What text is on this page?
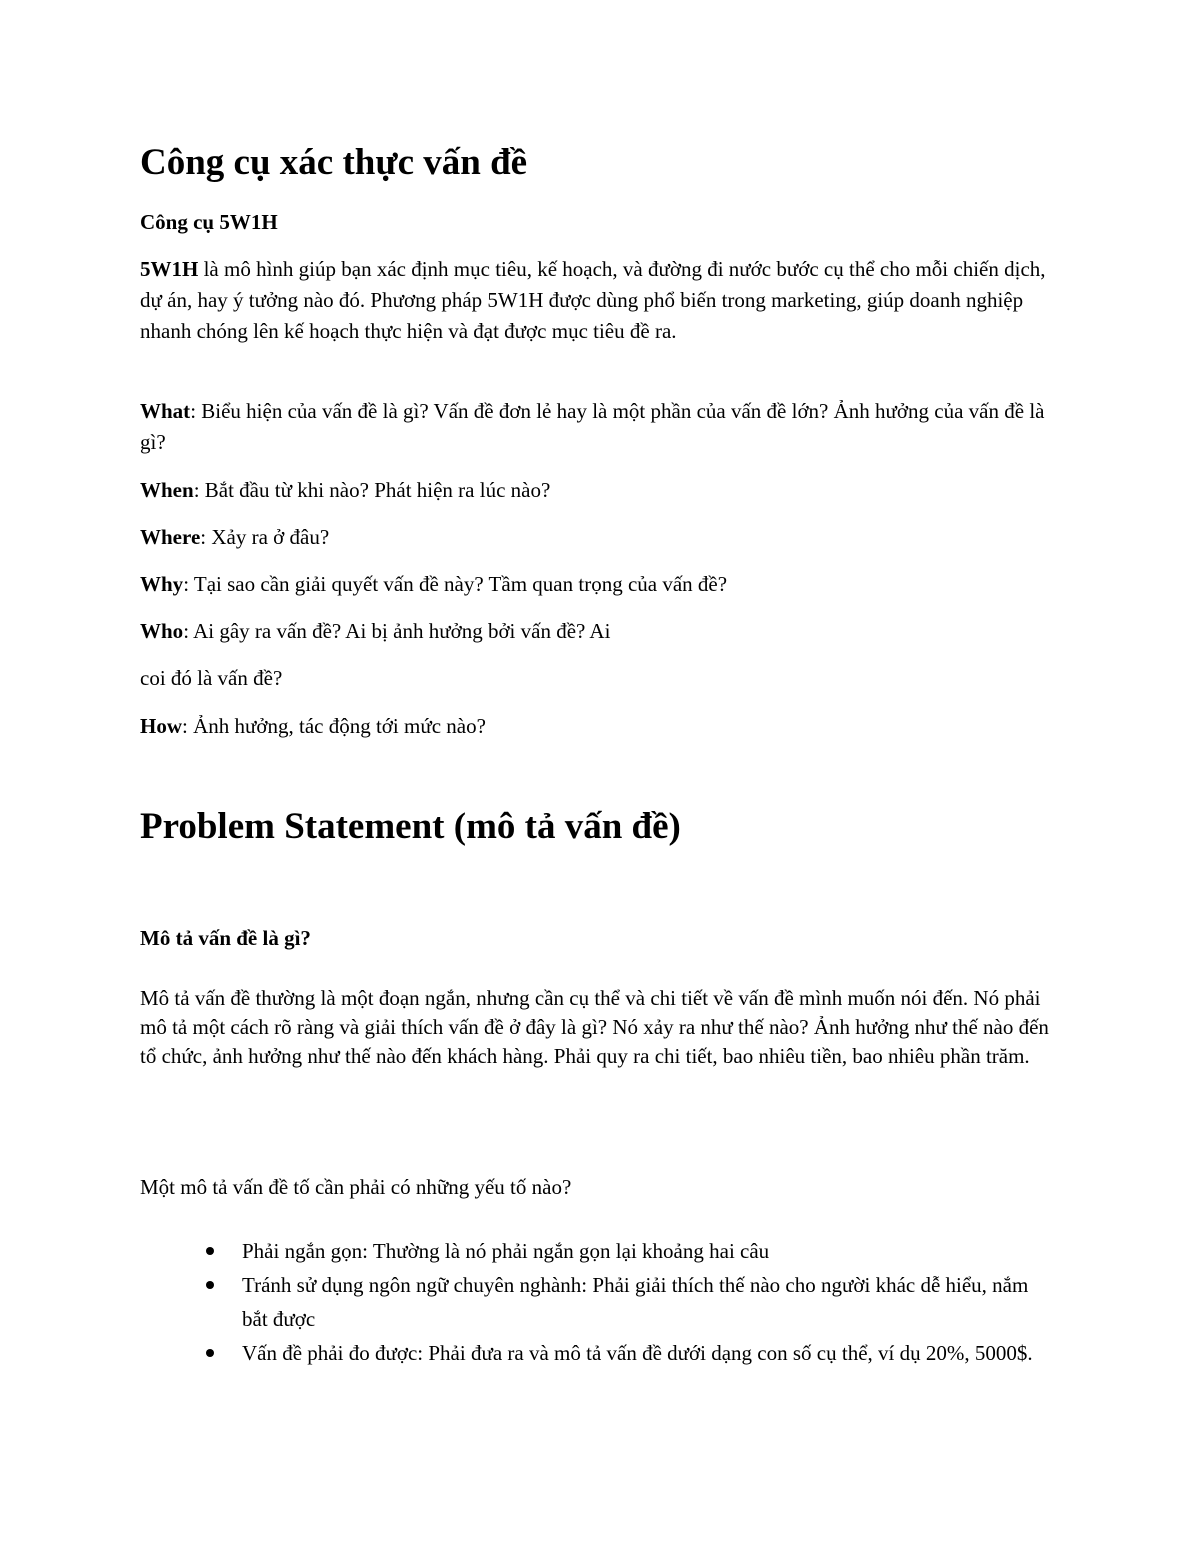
Công cụ xác thực vấn đề
Công cụ 5W1H

5W1H là mô hình giúp bạn xác định mục tiêu, kế hoạch, và đường đi nước bước cụ thể cho mỗi chiến dịch, dự án, hay ý tưởng nào đó. Phương pháp 5W1H được dùng phổ biến trong marketing, giúp doanh nghiệp nhanh chóng lên kế hoạch thực hiện và đạt được mục tiêu đề ra.

What: Biểu hiện của vấn đề là gì? Vấn đề đơn lẻ hay là một phần của vấn đề lớn? Ảnh hưởng của vấn đề là gì?

When: Bắt đầu từ khi nào? Phát hiện ra lúc nào?

Where: Xảy ra ở đâu?

Why: Tại sao cần giải quyết vấn đề này? Tầm quan trọng của vấn đề?

Who: Ai gây ra vấn đề? Ai bị ảnh hưởng bởi vấn đề? Ai

coi đó là vấn đề?

How: Ảnh hưởng, tác động tới mức nào?

Problem Statement (mô tả vấn đề)
Mô tả vấn đề là gì?

Mô tả vấn đề thường là một đoạn ngắn, nhưng cần cụ thể và chi tiết về vấn đề mình muốn nói đến. Nó phải mô tả một cách rõ ràng và giải thích vấn đề ở đây là gì? Nó xảy ra như thế nào? Ảnh hưởng như thế nào đến tổ chức, ảnh hưởng như thế nào đến khách hàng. Phải quy ra chi tiết, bao nhiêu tiền, bao nhiêu phần trăm.

Một mô tả vấn đề tố cần phải có những yếu tố nào?

Phải ngắn gọn: Thường là nó phải ngắn gọn lại khoảng hai câu
Tránh sử dụng ngôn ngữ chuyên nghành: Phải giải thích thế nào cho người khác dễ hiểu, nắm bắt được
Vấn đề phải đo được: Phải đưa ra và mô tả vấn đề dưới dạng con số cụ thể, ví dụ 20%, 5000$.
